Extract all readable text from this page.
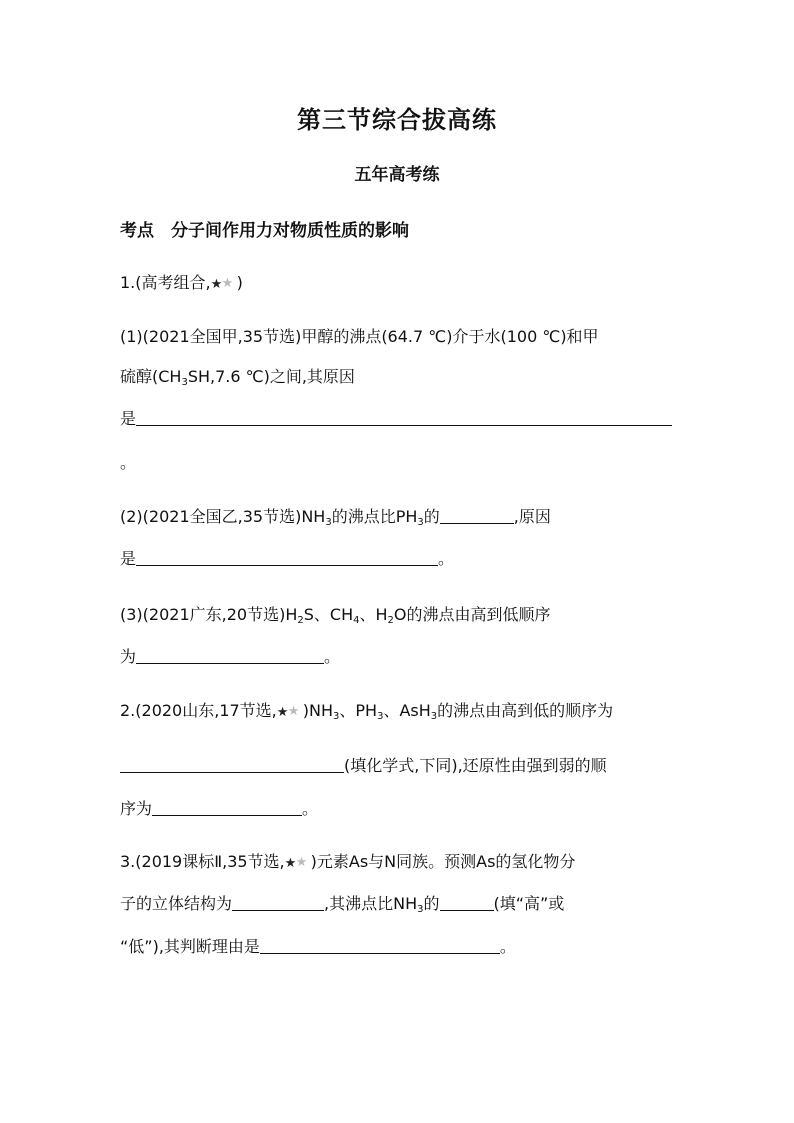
第三节综合拔高练
五年高考练
考点　分子间作用力对物质性质的影响
1.(高考组合, ★ ★ )
(1)(2021全国甲,35节选)甲醇的沸点(64.7 ℃)介于水(100 ℃)和甲
硫醇($CH_3SH,7.6$ ℃)之间,其原因
是
。
(2)(2021全国乙,35节选)$NH_3$的沸点比$PH_3$的	,原因
是	。
(3)(2021广东,20节选)$H_2S$、$CH_4$、$H_2O$的沸点由高到低顺序
为	。
2.(2020山东,17节选, ★ ★ )$NH_3$、$PH_3$、AsH$_3$的沸点由高到低的顺序为
(填化学式,下同),还原性由强到弱的顺
序为	。
3.(2019课标Ⅱ,35节选, ★ ★ )元素As与N同族。预测As的氢化物分
子的立体结构为	,其沸点比$NH_3$的	(填“高”或
“低”),其判断理由是	。
